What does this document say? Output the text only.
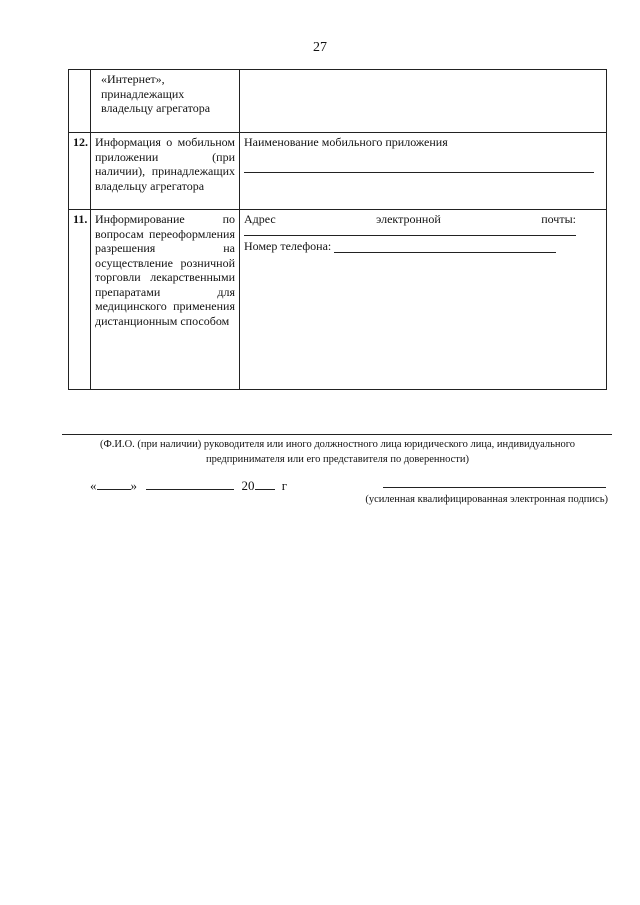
27

	«Интернет», принадлежащих владельцу агрегатора	

12.	Информация о мобильном приложении (при наличии), принадлежащих владельцу агрегатора	Наименование мобильного приложения

11.	Информирование по вопросам переоформления разрешения на осуществление розничной торговли лекарственными препаратами для медицинского применения дистанционным способом	Адрес электронной почты:
Номер телефона:
(Ф.И.О. (при наличии) руководителя или иного должностного лица юридического лица, индивидуального
предпринимателя или его представителя по доверенности)
«	»	20 г
(усиленная квалифицированная электронная подпись)
